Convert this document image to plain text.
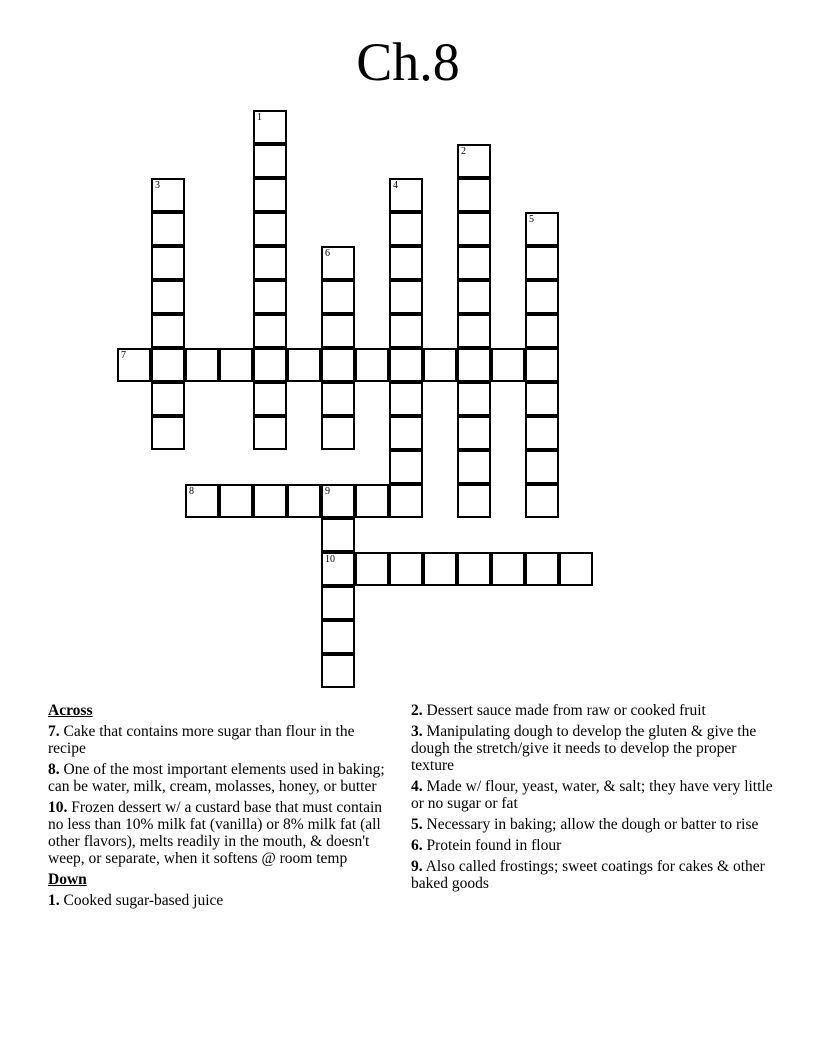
Ch.8
1
2
3	4
5
6
7
8	9
10
Across
7. Cake that contains more sugar than flour in the recipe
8. One of the most important elements used in baking; can be water, milk, cream, molasses, honey, or butter
10. Frozen dessert w/ a custard base that must contain no less than 10% milk fat (vanilla) or 8% milk fat (all other flavors), melts readily in the mouth, & doesn't weep, or separate, when it softens @ room temp
Down
1. Cooked sugar-based juice
2. Dessert sauce made from raw or cooked fruit
3. Manipulating dough to develop the gluten & give the dough the stretch/give it needs to develop the proper texture
4. Made w/ flour, yeast, water, & salt; they have very little or no sugar or fat
5. Necessary in baking; allow the dough or batter to rise
6. Protein found in flour
9. Also called frostings; sweet coatings for cakes & other baked goods
